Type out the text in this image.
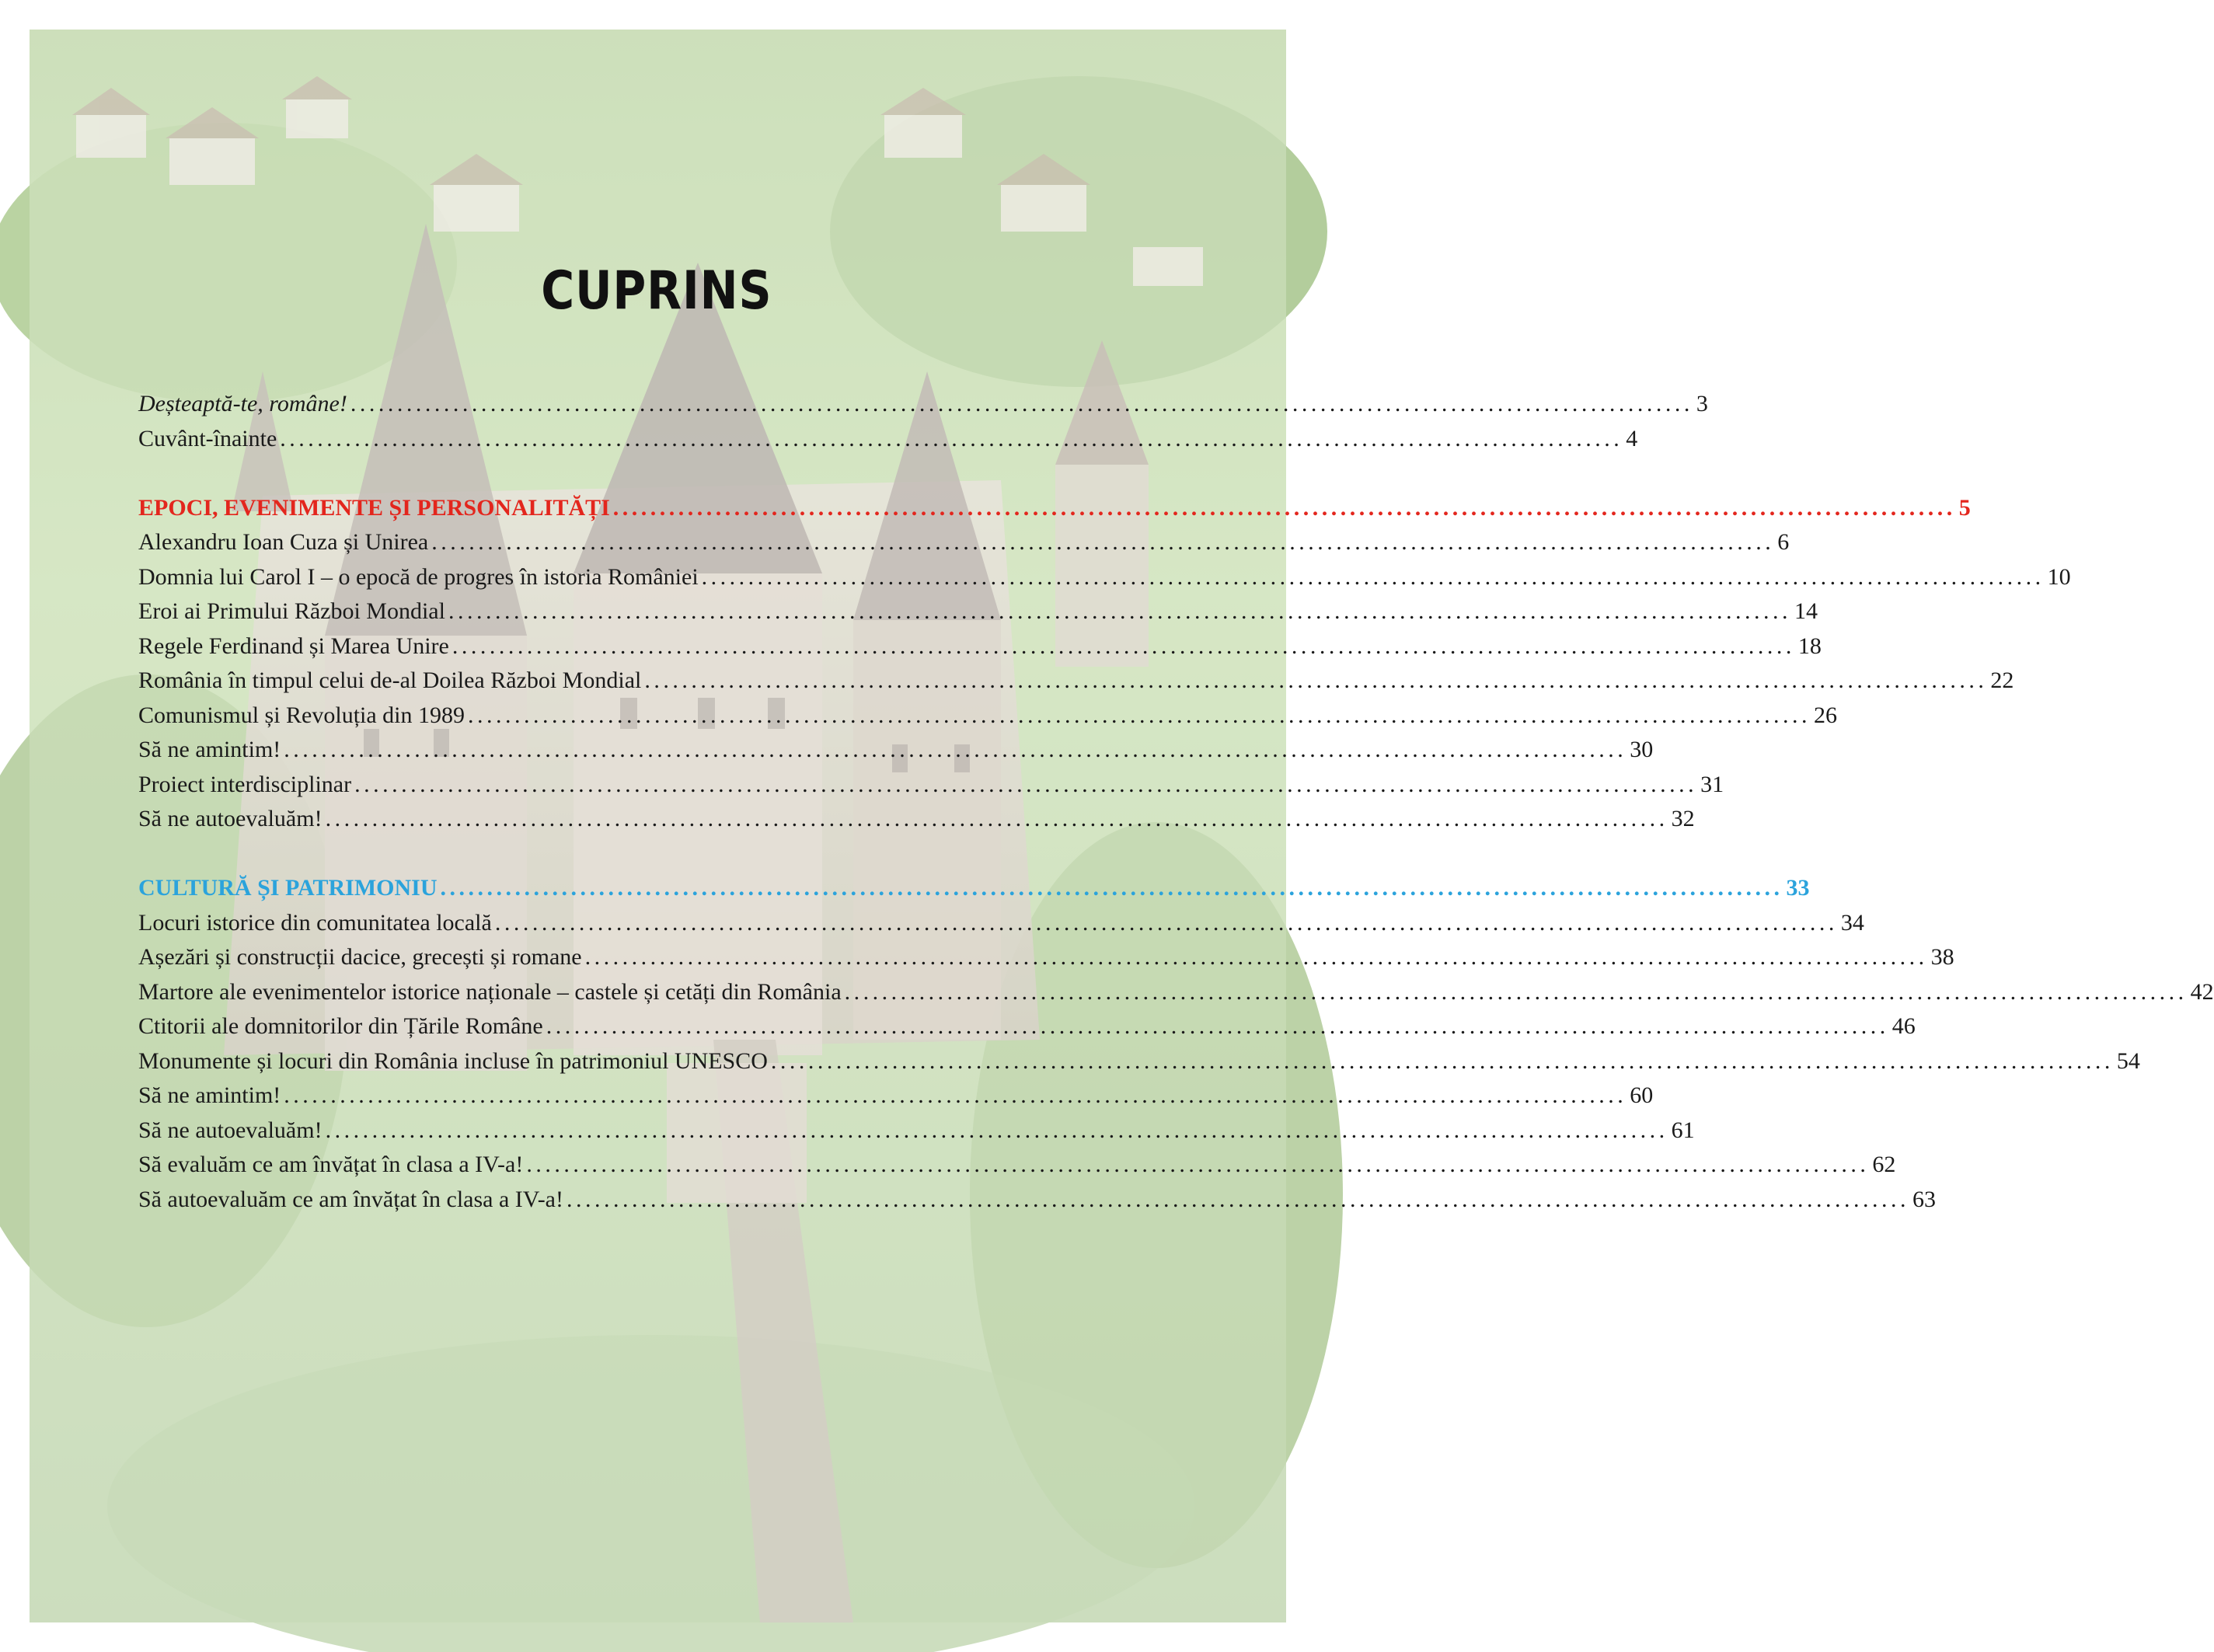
CUPRINS
Deșteaptă-te, române! ................................................................................................................................................ 3
Cuvânt-înainte ................................................................................................................................................ 4
EPOCI, EVENIMENTE ȘI PERSONALITĂȚI ................................................................................................................................................ 5
Alexandru Ioan Cuza și Unirea ................................................................................................................................................ 6
Domnia lui Carol I – o epocă de progres în istoria României ................................................................................................................................................ 10
Eroi ai Primului Război Mondial ................................................................................................................................................ 14
Regele Ferdinand și Marea Unire ................................................................................................................................................ 18
România în timpul celui de-al Doilea Război Mondial ................................................................................................................................................ 22
Comunismul și Revoluția din 1989 ................................................................................................................................................ 26
Să ne amintim! ................................................................................................................................................ 30
Proiect interdisciplinar ................................................................................................................................................ 31
Să ne autoevaluăm! ................................................................................................................................................ 32
CULTURĂ ȘI PATRIMONIU ................................................................................................................................................ 33
Locuri istorice din comunitatea locală ................................................................................................................................................ 34
Așezări și construcții dacice, grecești și romane ................................................................................................................................................ 38
Martore ale evenimentelor istorice naționale – castele și cetăți din România ................................................................................................................................................ 42
Ctitorii ale domnitorilor din Țările Române ................................................................................................................................................ 46
Monumente și locuri din România incluse în patrimoniul UNESCO ................................................................................................................................................ 54
Să ne amintim! ................................................................................................................................................ 60
Să ne autoevaluăm! ................................................................................................................................................ 61
Să evaluăm ce am învățat în clasa a IV-a! ................................................................................................................................................ 62
Să autoevaluăm ce am învățat în clasa a IV-a! ................................................................................................................................................ 63
